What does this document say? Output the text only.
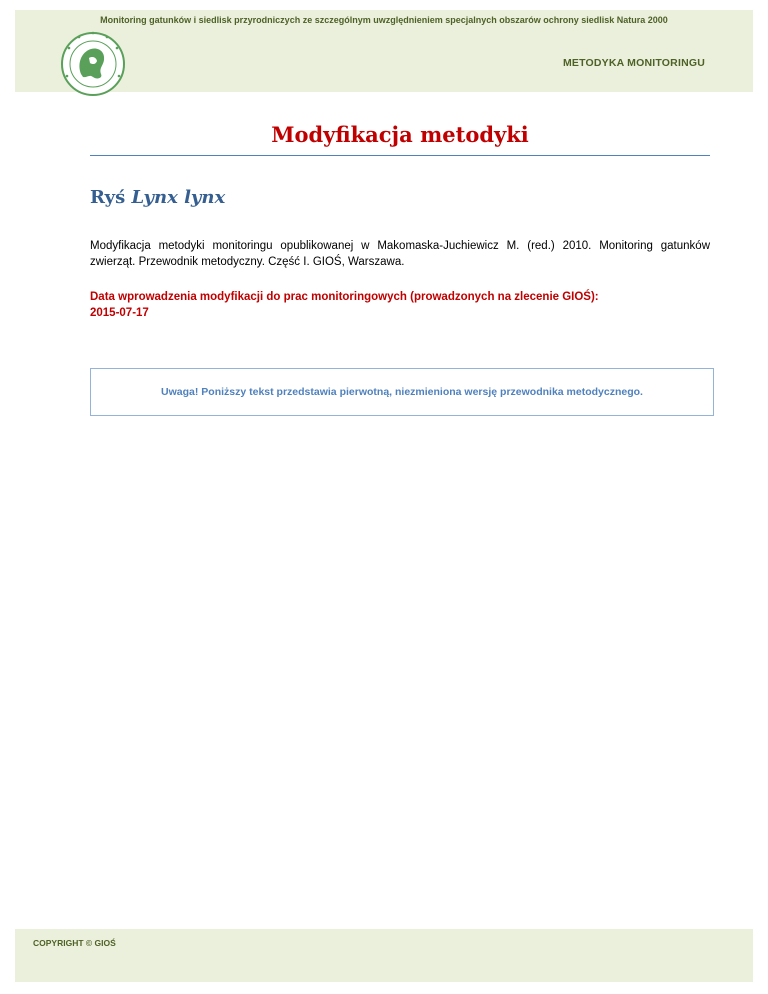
Monitoring gatunków i siedlisk przyrodniczych ze szczególnym uwzględnieniem specjalnych obszarów ochrony siedlisk Natura 2000
METODYKA MONITORINGU
Modyfikacja metodyki
Ryś Lynx lynx
Modyfikacja metodyki monitoringu opublikowanej w Makomaska-Juchiewicz M. (red.) 2010. Monitoring gatunków zwierząt. Przewodnik metodyczny. Część I. GIOŚ, Warszawa.
Data wprowadzenia modyfikacji do prac monitoringowych (prowadzonych na zlecenie GIOŚ):
2015-07-17
Uwaga! Poniższy tekst przedstawia pierwotną, niezmieniona wersję przewodnika metodycznego.
COPYRIGHT © GIOŚ
